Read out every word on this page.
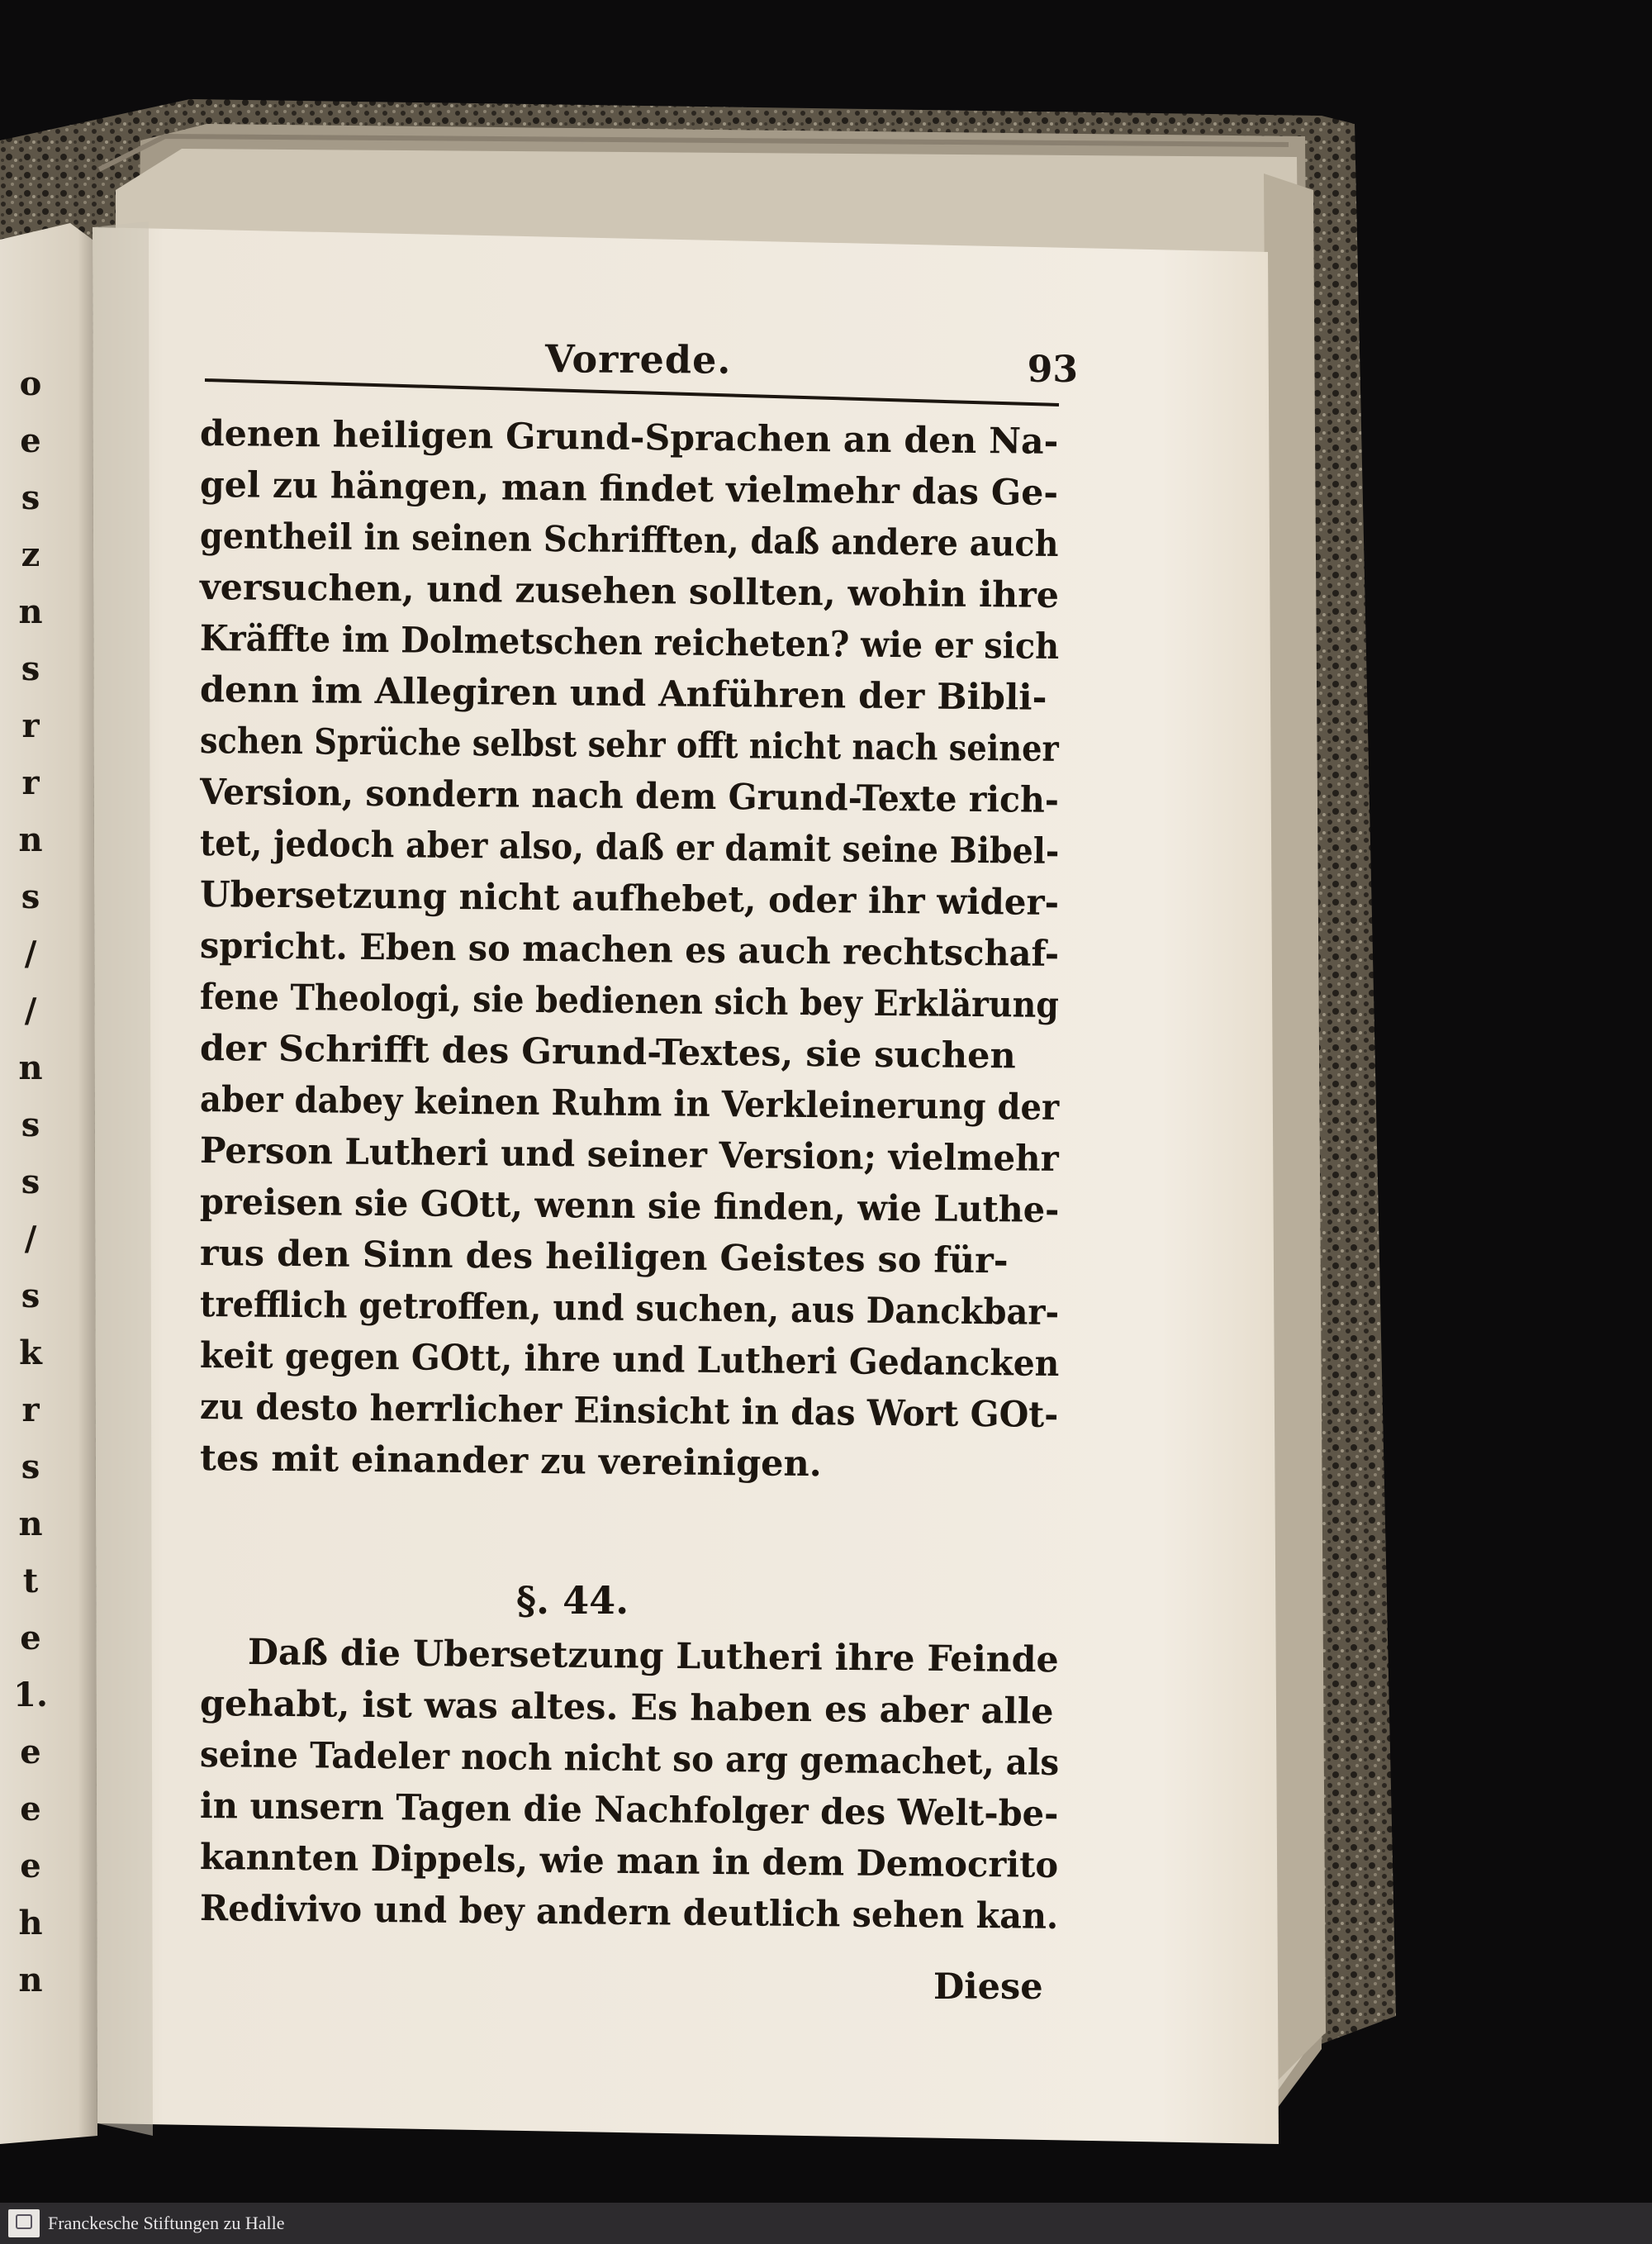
Vorrede.	93
denen heiligen Grund-Sprachen an den Na-
gel zu hängen, man findet vielmehr das Ge-
gentheil in seinen Schrifften, daß andere auch
versuchen, und zusehen sollten, wohin ihre
Kräffte im Dolmetschen reicheten? wie er sich
denn im Allegiren und Anführen der Bibli-
schen Sprüche selbst sehr offt nicht nach seiner
Version, sondern nach dem Grund-Texte rich-
tet, jedoch aber also, daß er damit seine Bibel-
Ubersetzung nicht aufhebet, oder ihr wider-
spricht. Eben so machen es auch rechtschaf-
fene Theologi, sie bedienen sich bey Erklärung
der Schrifft des Grund-Textes, sie suchen
aber dabey keinen Ruhm in Verkleinerung der
Person Lutheri und seiner Version; vielmehr
preisen sie GOtt, wenn sie finden, wie Luthe-
rus den Sinn des heiligen Geistes so für-
trefflich getroffen, und suchen, aus Danckbar-
keit gegen GOtt, ihre und Lutheri Gedancken
zu desto herrlicher Einsicht in das Wort GOt-
tes mit einander zu vereinigen.
§. 44.
Daß die Ubersetzung Lutheri ihre Feinde
gehabt, ist was altes. Es haben es aber alle
seine Tadeler noch nicht so arg gemachet, als
in unsern Tagen die Nachfolger des Welt-be-
kannten Dippels, wie man in dem Democrito
Redivivo und bey andern deutlich sehen kan.
Diese
o
e
s
z
n
s
r
r
n
s
/
/
n
s
s
/
s
k
r
s
n
t
e
1.
e
e
e
h
n
Franckesche Stiftungen zu Halle
